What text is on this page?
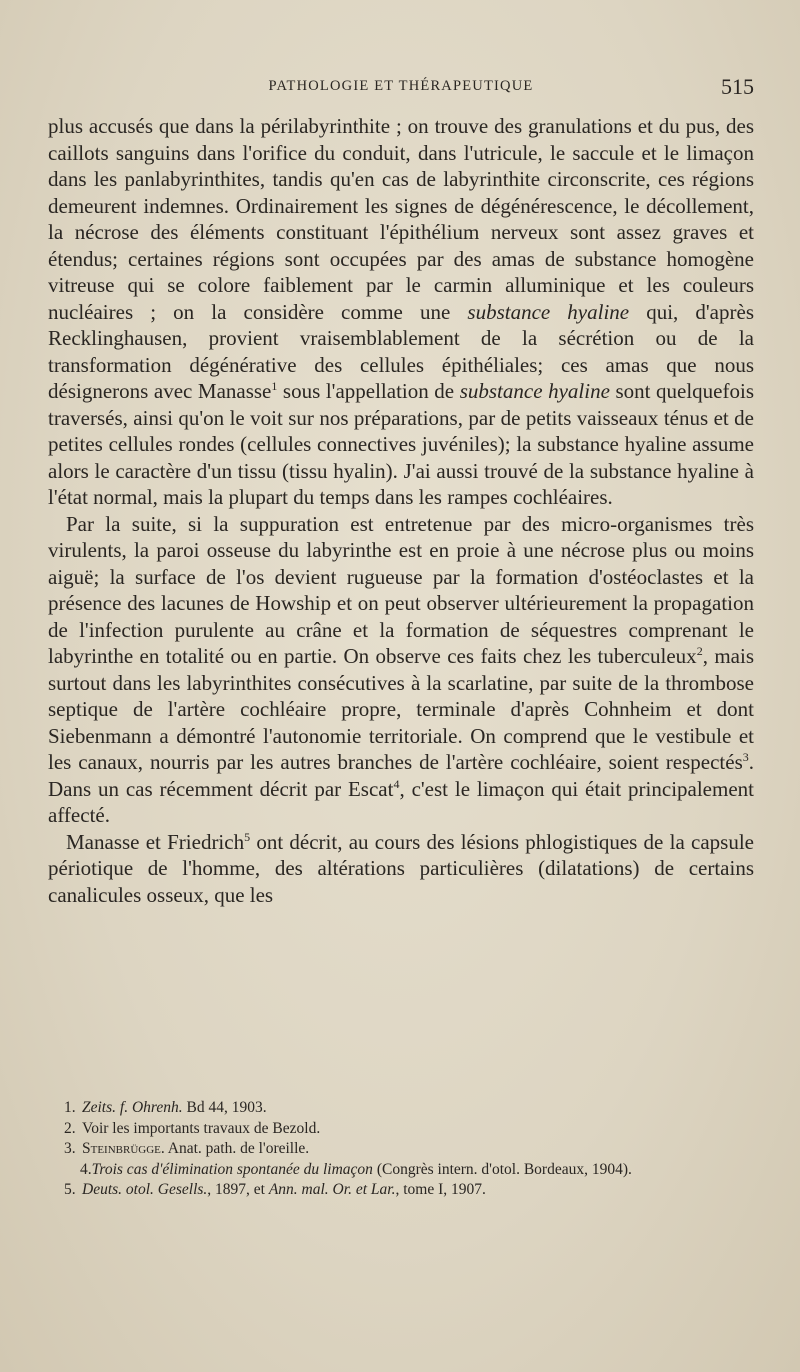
PATHOLOGIE ET THÉRAPEUTIQUE	515

plus accusés que dans la périlabyrinthite ; on trouve des granulations et du pus, des caillots sanguins dans l'orifice du conduit, dans l'utricule, le saccule et le limaçon dans les panlabyrinthites, tandis qu'en cas de labyrinthite circonscrite, ces régions demeurent indemnes. Ordinairement les signes de dégénérescence, le décollement, la nécrose des éléments constituant l'épithélium nerveux sont assez graves et étendus; certaines régions sont occupées par des amas de substance homogène vitreuse qui se colore faiblement par le carmin alluminique et les couleurs nucléaires ; on la considère comme une substance hyaline qui, d'après Recklinghausen, provient vraisemblablement de la sécrétion ou de la transformation dégénérative des cellules épithéliales; ces amas que nous désignerons avec Manasse$^1$ sous l'appellation de substance hyaline sont quelquefois traversés, ainsi qu'on le voit sur nos préparations, par de petits vaisseaux ténus et de petites cellules rondes (cellules connectives juvéniles); la substance hyaline assume alors le caractère d'un tissu (tissu hyalin). J'ai aussi trouvé de la substance hyaline à l'état normal, mais la plupart du temps dans les rampes cochléaires.

Par la suite, si la suppuration est entretenue par des micro-organismes très virulents, la paroi osseuse du labyrinthe est en proie à une nécrose plus ou moins aiguë; la surface de l'os devient rugueuse par la formation d'ostéoclastes et la présence des lacunes de Howship et on peut observer ultérieurement la propagation de l'infection purulente au crâne et la formation de séquestres comprenant le labyrinthe en totalité ou en partie. On observe ces faits chez les tuberculeux$^2$, mais surtout dans les labyrinthites consécutives à la scarlatine, par suite de la thrombose septique de l'artère cochléaire propre, terminale d'après Cohnheim et dont Siebenmann a démontré l'autonomie territoriale. On comprend que le vestibule et les canaux, nourris par les autres branches de l'artère cochléaire, soient respectés$^3$. Dans un cas récemment décrit par Escat$^4$, c'est le limaçon qui était principalement affecté.

Manasse et Friedrich$^5$ ont décrit, au cours des lésions phlogistiques de la capsule périotique de l'homme, des altérations particulières (dilatations) de certains canalicules osseux, que les

1. Zeits. f. Ohrenh. Bd 44, 1903.

2. Voir les importants travaux de Bezold.

3. Steinbrügge. Anat. path. de l'oreille.

4.Trois cas d'élimination spontanée du limaçon (Congrès intern. d'otol. Bordeaux, 1904).

5. Deuts. otol. Gesells., 1897, et Ann. mal. Or. et Lar., tome I, 1907.
